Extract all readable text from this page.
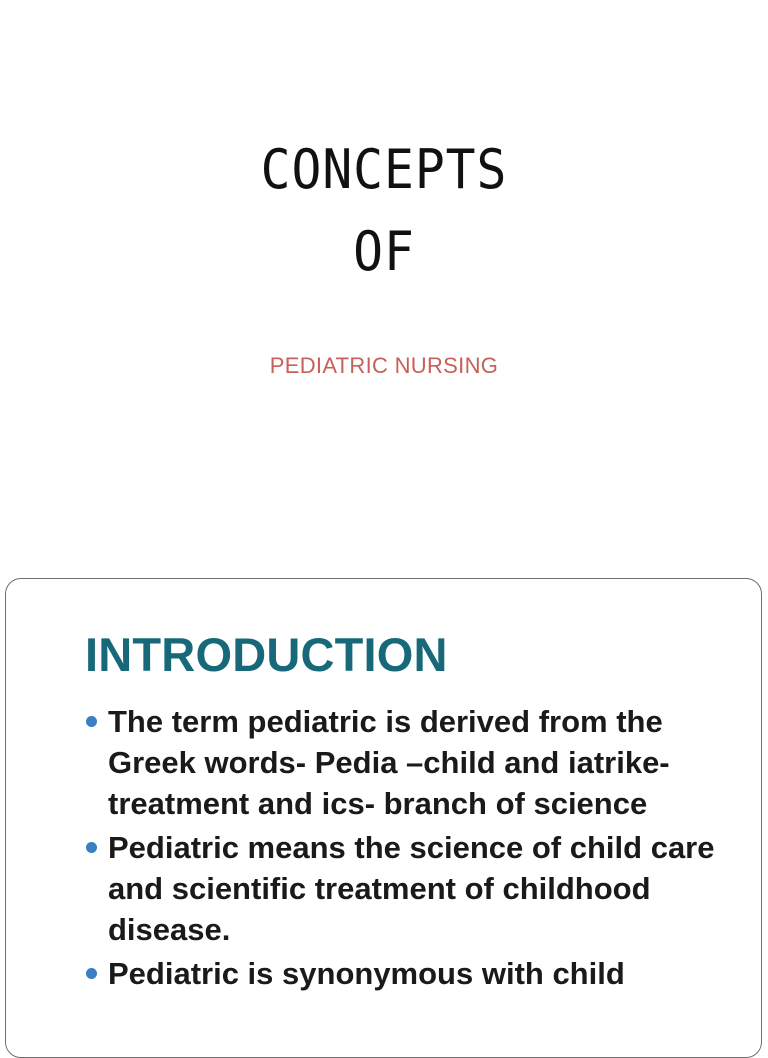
CONCEPTS
OF
PEDIATRIC NURSING
INTRODUCTION
The term pediatric is derived from the Greek words- Pedia –child and iatrike- treatment and ics- branch of science
Pediatric means the science of child care and scientific treatment of childhood disease.
Pediatric is synonymous with child
